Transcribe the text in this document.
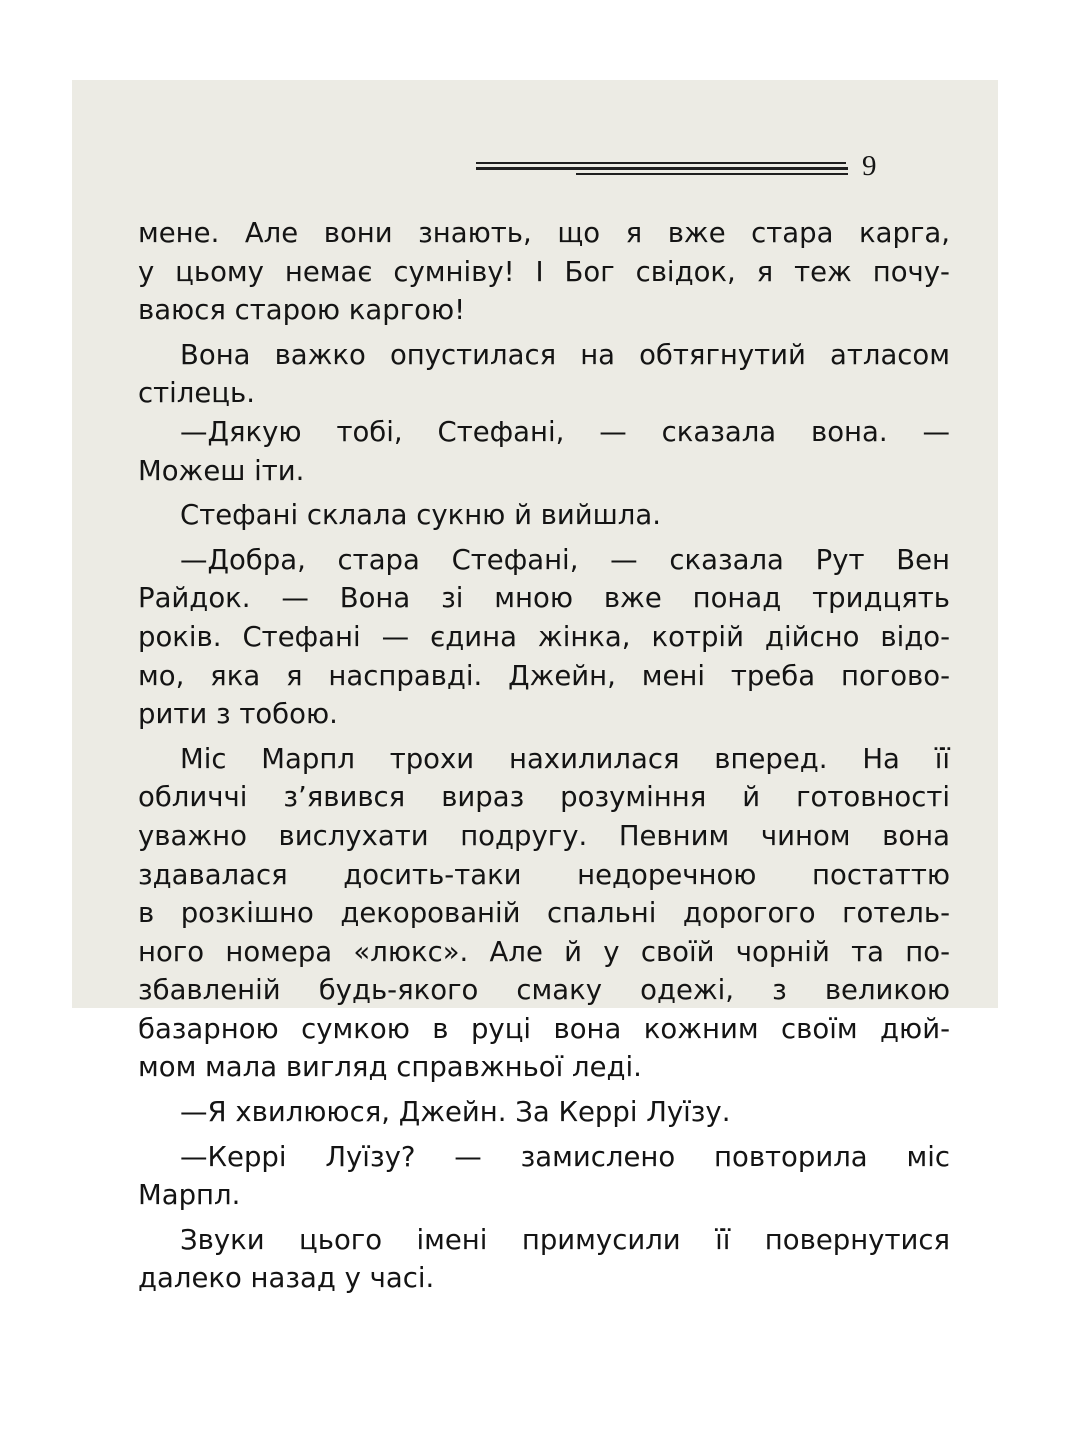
9
мене. Але вони знають, що я вже стара карга,
у цьому немає сумніву! І Бог свідок, я теж почу-
ваюся старою каргою!
Вона важко опустилася на обтягнутий атласом
стілець.
—Дякую тобі, Стефані, — сказала вона. —
Можеш іти.
Стефані склала сукню й вийшла.
—Добра, стара Стефані, — сказала Рут Вен
Райдок. — Вона зі мною вже понад тридцять
років. Стефані — єдина жінка, котрій дійсно відо-
мо, яка я насправді. Джейн, мені треба погово-
рити з тобою.
Міс Марпл трохи нахилилася вперед. На її
обличчі з’явився вираз розуміння й готовності
уважно вислухати подругу. Певним чином вона
здавалася досить-таки недоречною постаттю
в розкішно декорованій спальні дорогого готель-
ного номера «люкс». Але й у своїй чорній та по-
збавленій будь-якого смаку одежі, з великою
базарною сумкою в руці вона кожним своїм дюй-
мом мала вигляд справжньої леді.
—Я хвилююся, Джейн. За Керрі Луїзу.
—Керрі Луїзу? — замислено повторила міс
Марпл.
Звуки цього імені примусили її повернутися
далеко назад у часі.
